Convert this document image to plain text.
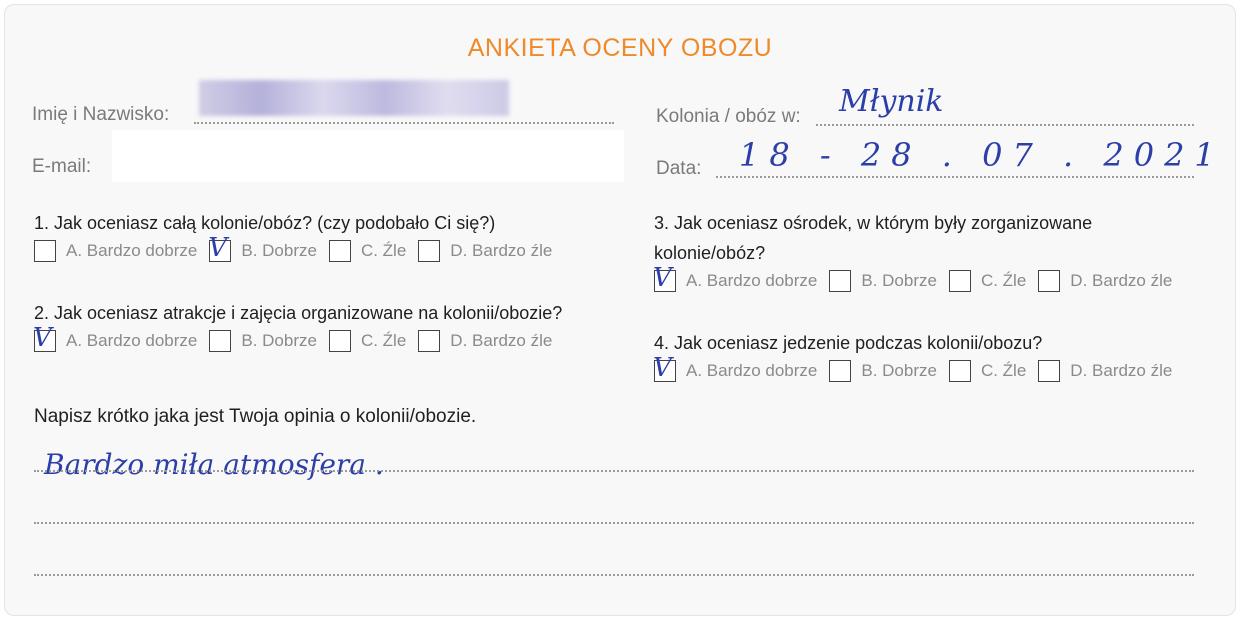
ANKIETA OCENY OBOZU
Imię i Nazwisko:
E-mail:
Kolonia / obóz w: Młynik
Data: 18 - 28 . 07 . 2021
1. Jak oceniasz całą kolonie/obóz? (czy podobało Ci się?)
A. Bardzo dobrze V B. Dobrze	C. Źle	D. Bardzo źle
2. Jak oceniasz atrakcje i zajęcia organizowane na kolonii/obozie?
V A. Bardzo dobrze	B. Dobrze	C. Źle	D. Bardzo źle
3. Jak oceniasz ośrodek, w którym były zorganizowane kolonie/obóz?
V A. Bardzo dobrze	B. Dobrze	C. Źle	D. Bardzo źle
4. Jak oceniasz jedzenie podczas kolonii/obozu?
V A. Bardzo dobrze	B. Dobrze	C. Źle	D. Bardzo źle
Napisz krótko jaka jest Twoja opinia o kolonii/obozie.
Bardzo miła atmosfera .
